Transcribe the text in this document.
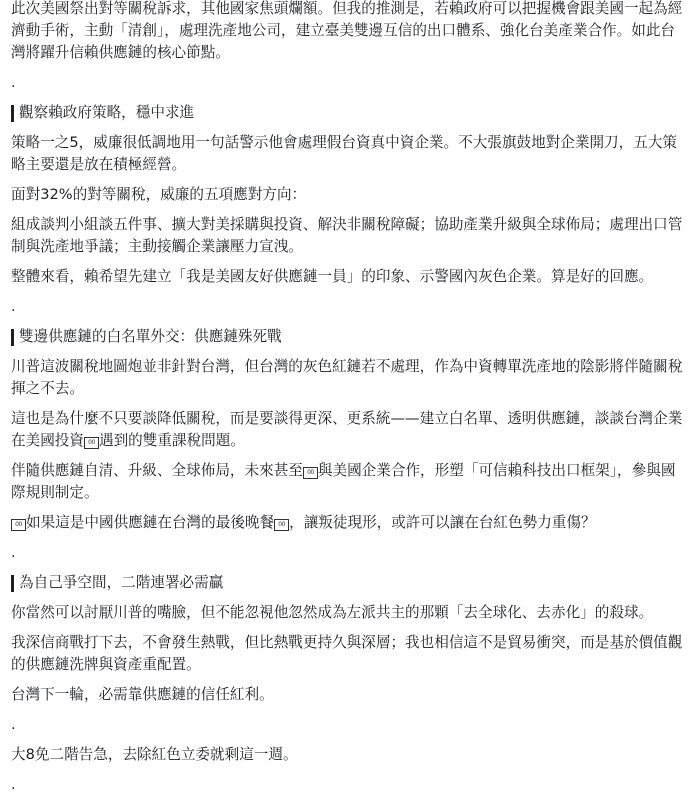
此次美國祭出對等關稅訴求，其他國家焦頭爛額。但我的推測是，若賴政府可以把握機會跟美國一起為經濟動手術，主動「清創」，處理洗產地公司，建立臺美雙邊互信的出口體系、強化台美產業合作。如此台灣將躍升信賴供應鏈的核心節點。

.

觀察賴政府策略，穩中求進

策略一之5，威廉很低調地用一句話警示他會處理假台資真中資企業。不大張旗鼓地對企業開刀，五大策略主要還是放在積極經營。

面對32%的對等關稅，威廉的五項應對方向：

組成談判小組談五件事、擴大對美採購與投資、解決非關稅障礙；協助產業升級與全球佈局；處理出口管制與洗產地爭議；主動接觸企業讓壓力宣洩。

整體來看，賴希望先建立「我是美國友好供應鏈一員」的印象、示警國內灰色企業。算是好的回應。

.

雙邊供應鏈的白名單外交：供應鏈殊死戰

川普這波關稅地圖炮並非針對台灣，但台灣的灰色紅鏈若不處理，作為中資轉單洗產地的陰影將伴隨關稅揮之不去。

這也是為什麼不只要談降低關稅，而是要談得更深、更系統——建立白名單、透明供應鏈，談談台灣企業在美國投資 00 遇到的雙重課稅問題。

伴隨供應鏈自清、升級、全球佈局，未來甚至 00 與美國企業合作，形塑「可信賴科技出口框架」，參與國際規則制定。

00 如果這是中國供應鏈在台灣的最後晚餐 00 ，讓叛徒現形，或許可以讓在台紅色勢力重傷？

.

為自己爭空間，二階連署必需贏

你當然可以討厭川普的嘴臉，但不能忽視他忽然成為左派共主的那顆「去全球化、去赤化」的殺球。

我深信商戰打下去，不會發生熱戰，但比熱戰更持久與深層；我也相信這不是貿易衝突，而是基於價值觀的供應鏈洗牌與資產重配置。

台灣下一輪，必需靠供應鏈的信任紅利。

.

大8免二階告急，去除紅色立委就剩這一週。

.
